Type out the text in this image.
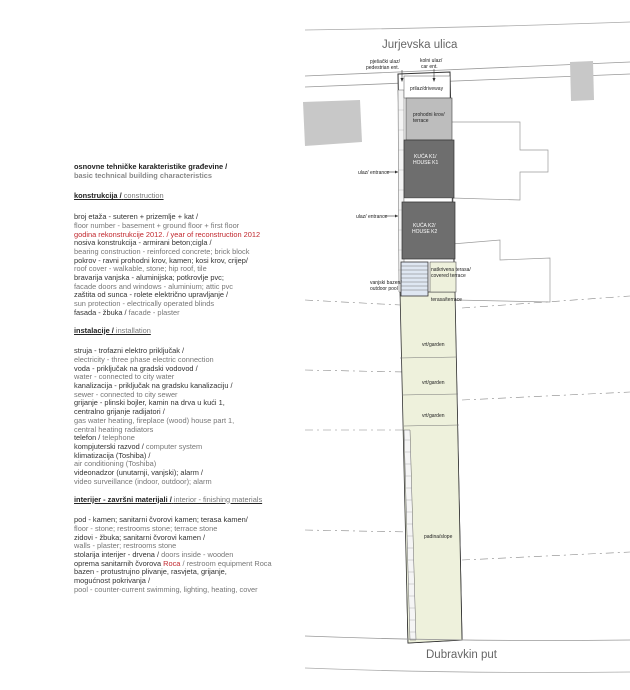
Jurjevska ulica
Dubravkin put
pješački ulaz/
pedestrian ent.
kolni ulaz/
car ent.
prilaz/driveway
prohodni krov/
terrace
KUĆA K1/
HOUSE K1
ulaz/ entrance
ulaz/ entrance
KUĆA K2/
HOUSE K2
vanjski bazen/
outdoor pool
natkrivena terasa/
covered terrace
terasa/terrace
vrt/garden
vrt/garden
vrt/garden
padina/slope
osnovne tehničke karakteristike građevine /
basic technical building characteristics
konstrukcija / construction
broj etaža - suteren + prizemlje + kat /
floor number - basement + ground floor + first floor
godina rekonstrukcije 2012. / year of reconstruction 2012
nosiva konstrukcija - armirani beton;cigla /
bearing construction - reinforced concrete; brick block
pokrov - ravni prohodni krov, kamen; kosi krov, crijep/
roof cover - walkable, stone; hip roof, tile
bravarija vanjska - aluminijska; potkrovlje pvc;
facade doors and windows - aluminium; attic pvc
zaštita od sunca - rolete električno upravljanje /
sun protection - electrically operated blinds
fasada - žbuka / facade - plaster
instalacije / installation
struja - trofazni elektro priključak /
electricity - three phase electric connection
voda - priključak na gradski vodovod /
water - connected to city water
kanalizacija - priključak na gradsku kanalizaciju /
sewer - connected to city sewer
grijanje - plinski bojler, kamin na drva u kući 1,
centralno grijanje radijatori /
gas water heating, fireplace (wood) house part 1,
central heating radiators
telefon / telephone
kompjuterski razvod / computer system
klimatizacija (Toshiba) /
air conditioning (Toshiba)
videonadzor (unutarnji, vanjski); alarm /
video surveillance (indoor, outdoor); alarm
interijer - završni materijali / interior - finishing materials
pod - kamen; sanitarni čvorovi kamen; terasa kamen/
floor - stone; restrooms stone; terrace stone
zidovi - žbuka; sanitarni čvorovi kamen /
walls - plaster; restrooms stone
stolarija interijer - drvena / doors inside - wooden
oprema sanitarnih čvorova Roca / restroom equipment Roca
bazen - protustrujno plivanje, rasvjeta, grijanje,
mogućnost pokrivanja /
pool - counter-current swimming, lighting, heating, cover
